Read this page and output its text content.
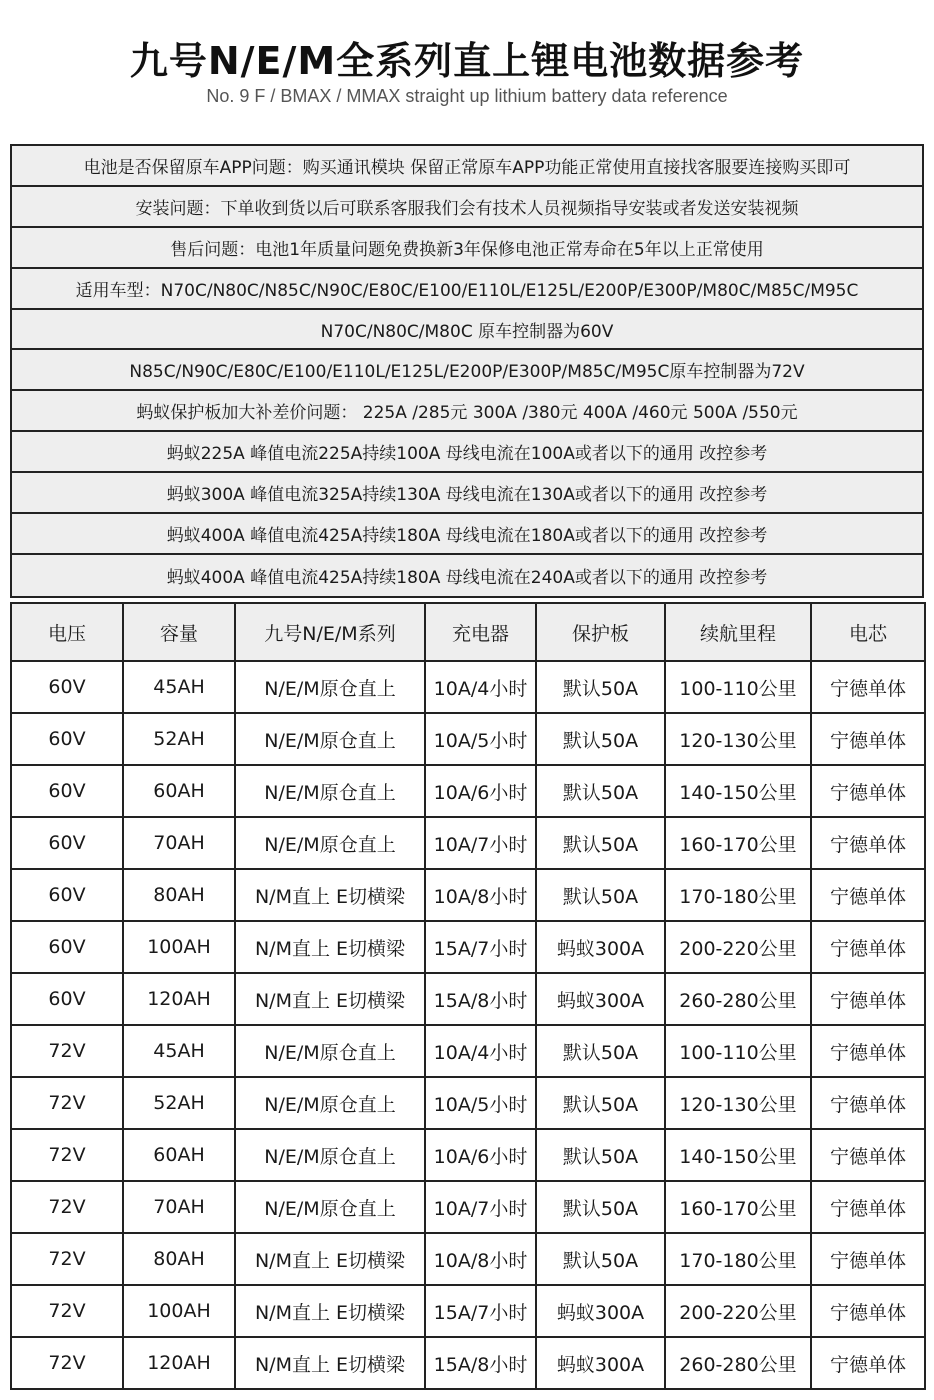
九号N/E/M全系列直上锂电池数据参考
No. 9 F / BMAX / MMAX straight up lithium battery data reference
电池是否保留原车APP问题：购买通讯模块 保留正常原车APP功能正常使用直接找客服要连接购买即可
安装问题：下单收到货以后可联系客服我们会有技术人员视频指导安装或者发送安装视频
售后问题：电池1年质量问题免费换新3年保修电池正常寿命在5年以上正常使用
适用车型：N70C/N80C/N85C/N90C/E80C/E100/E110L/E125L/E200P/E300P/M80C/M85C/M95C
N70C/N80C/M80C 原车控制器为60V
N85C/N90C/E80C/E100/E110L/E125L/E200P/E300P/M85C/M95C原车控制器为72V
蚂蚁保护板加大补差价问题： 225A /285元 300A /380元 400A /460元 500A /550元
蚂蚁225A 峰值电流225A持续100A 母线电流在100A或者以下的通用 改控参考
蚂蚁300A 峰值电流325A持续130A 母线电流在130A或者以下的通用 改控参考
蚂蚁400A 峰值电流425A持续180A 母线电流在180A或者以下的通用 改控参考
蚂蚁400A 峰值电流425A持续180A 母线电流在240A或者以下的通用 改控参考
电压	容量	九号N/E/M系列	充电器	保护板	续航里程	电芯
60V	45AH	N/E/M原仓直上	10A/4小时	默认50A	100-110公里	宁德单体
60V	52AH	N/E/M原仓直上	10A/5小时	默认50A	120-130公里	宁德单体
60V	60AH	N/E/M原仓直上	10A/6小时	默认50A	140-150公里	宁德单体
60V	70AH	N/E/M原仓直上	10A/7小时	默认50A	160-170公里	宁德单体
60V	80AH	N/M直上 E切横梁	10A/8小时	默认50A	170-180公里	宁德单体
60V	100AH	N/M直上 E切横梁	15A/7小时	蚂蚁300A	200-220公里	宁德单体
60V	120AH	N/M直上 E切横梁	15A/8小时	蚂蚁300A	260-280公里	宁德单体
72V	45AH	N/E/M原仓直上	10A/4小时	默认50A	100-110公里	宁德单体
72V	52AH	N/E/M原仓直上	10A/5小时	默认50A	120-130公里	宁德单体
72V	60AH	N/E/M原仓直上	10A/6小时	默认50A	140-150公里	宁德单体
72V	70AH	N/E/M原仓直上	10A/7小时	默认50A	160-170公里	宁德单体
72V	80AH	N/M直上 E切横梁	10A/8小时	默认50A	170-180公里	宁德单体
72V	100AH	N/M直上 E切横梁	15A/7小时	蚂蚁300A	200-220公里	宁德单体
72V	120AH	N/M直上 E切横梁	15A/8小时	蚂蚁300A	260-280公里	宁德单体
